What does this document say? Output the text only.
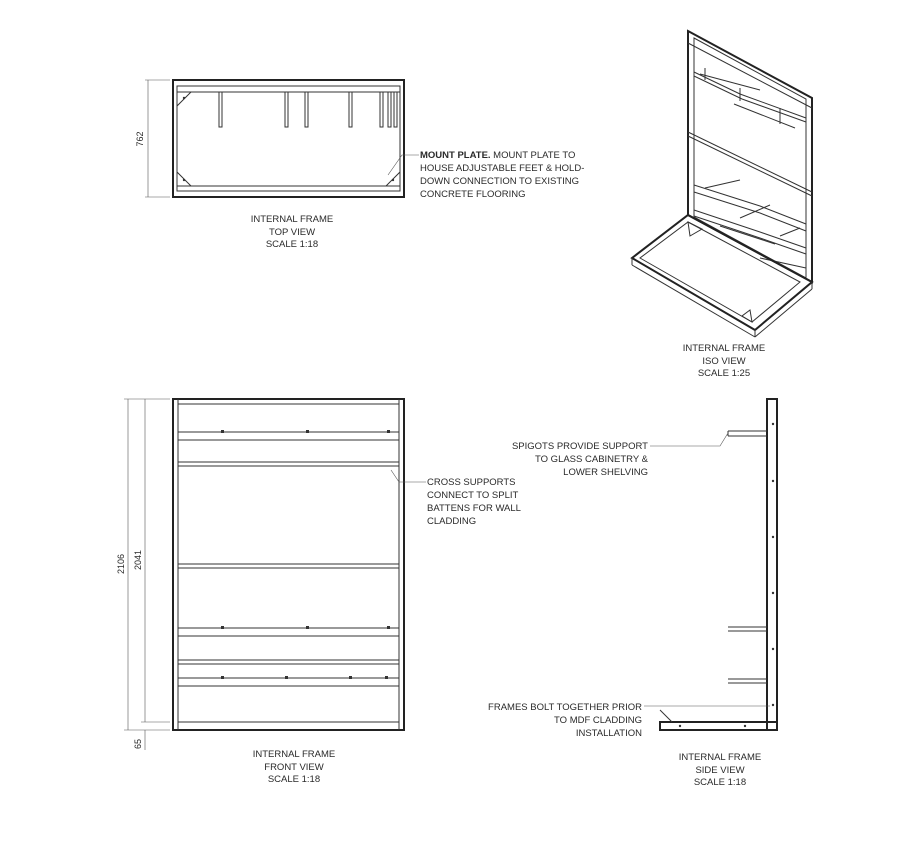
762
INTERNAL FRAME
TOP VIEW
SCALE 1:18
MOUNT PLATE. MOUNT PLATE TO
HOUSE ADJUSTABLE FEET & HOLD-
DOWN CONNECTION TO EXISTING
CONCRETE FLOORING
INTERNAL FRAME
ISO VIEW
SCALE 1:25
2106 2041
65
INTERNAL FRAME
FRONT VIEW
SCALE 1:18
CROSS SUPPORTS
CONNECT TO SPLIT
BATTENS FOR WALL
CLADDING
INTERNAL FRAME
SIDE VIEW
SCALE 1:18
SPIGOTS PROVIDE SUPPORT
TO GLASS CABINETRY &
LOWER SHELVING
FRAMES BOLT TOGETHER PRIOR
TO MDF CLADDING
INSTALLATION
